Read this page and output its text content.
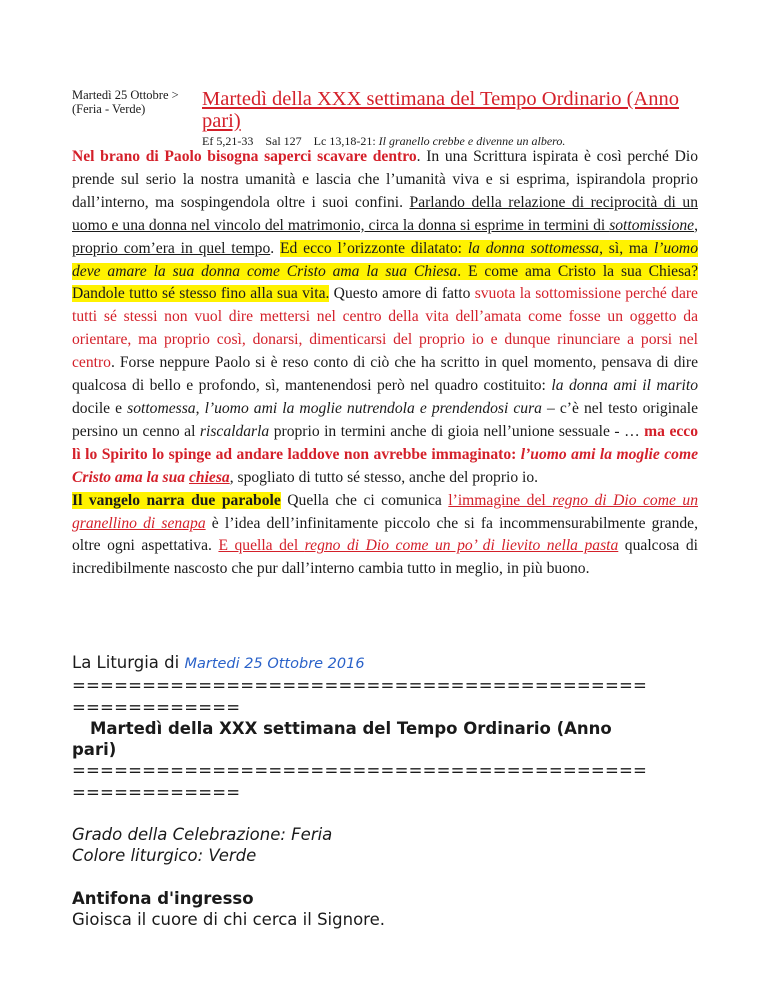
Martedì 25 Ottobre >
(Feria - Verde)	Martedì della XXX settimana del Tempo Ordinario (Anno pari)
Ef 5,21-33 Sal 127 Lc 13,18-21: Il granello crebbe e divenne un albero.

Nel brano di Paolo bisogna saperci scavare dentro. In una Scrittura ispirata è così perché Dio prende sul serio la nostra umanità e lascia che l’umanità viva e si esprima, ispirandola proprio dall’interno, ma sospingendola oltre i suoi confini. Parlando della relazione di reciprocità di un uomo e una donna nel vincolo del matrimonio, circa la donna si esprime in termini di sottomissione, proprio com’era in quel tempo. Ed ecco l’orizzonte dilatato: la donna sottomessa, sì, ma l’uomo deve amare la sua donna come Cristo ama la sua Chiesa. E come ama Cristo la sua Chiesa? Dandole tutto sé stesso fino alla sua vita. Questo amore di fatto svuota la sottomissione perché dare tutti sé stessi non vuol dire mettersi nel centro della vita dell’amata come fosse un oggetto da orientare, ma proprio così, donarsi, dimenticarsi del proprio io e dunque rinunciare a porsi nel centro. Forse neppure Paolo si è reso conto di ciò che ha scritto in quel momento, pensava di dire qualcosa di bello e profondo, sì, mantenendosi però nel quadro costituito: la donna ami il marito docile e sottomessa, l’uomo ami la moglie nutrendola e prendendosi cura – c’è nel testo originale persino un cenno al riscaldarla proprio in termini anche di gioia nell’unione sessuale - … ma ecco lì lo Spirito lo spinge ad andare laddove non avrebbe immaginato: l’uomo ami la moglie come Cristo ama la sua chiesa, spogliato di tutto sé stesso, anche del proprio io.

Il vangelo narra due parabole Quella che ci comunica l’immagine del regno di Dio come un granellino di senapa è l’idea dell’infinitamente piccolo che si fa incommensurabilmente grande, oltre ogni aspettativa. E quella del regno di Dio come un po’ di lievito nella pasta qualcosa di incredibilmente nascosto che pur dall’interno cambia tutto in meglio, in più buono.

La Liturgia di Martedi 25 Ottobre 2016

=========================================

============

Martedì della XXX settimana del Tempo Ordinario (Anno

pari)

=========================================

============

Grado della Celebrazione: Feria

Colore liturgico: Verde

Antifona d'ingresso

Gioisca il cuore di chi cerca il Signore.
